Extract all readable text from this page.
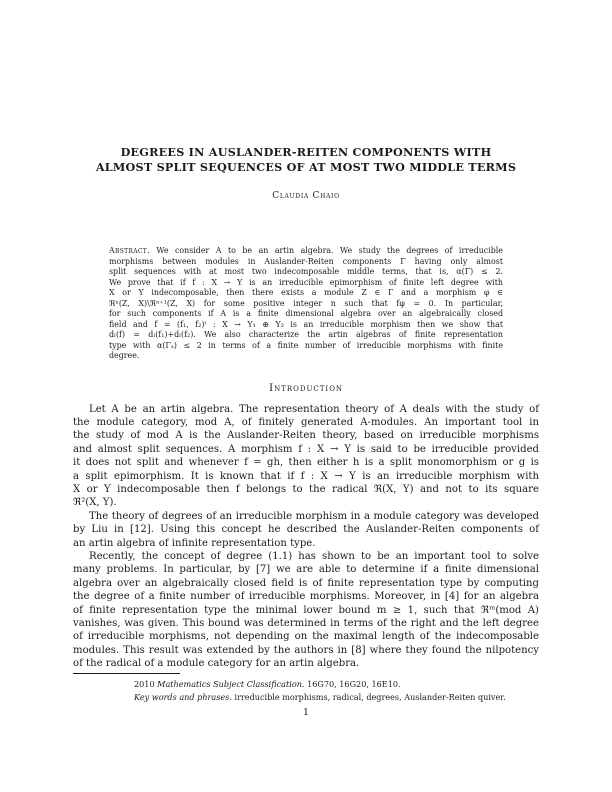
DEGREES IN AUSLANDER-REITEN COMPONENTS WITH
ALMOST SPLIT SEQUENCES OF AT MOST TWO MIDDLE TERMS
Claudia Chaio
Abstract. We consider A to be an artin algebra. We study the degrees of irreducible
morphisms between modules in Auslander-Reiten components Γ having only almost
split sequences with at most two indecomposable middle terms, that is, α(Γ) ≤ 2.
We prove that if f : X → Y is an irreducible epimorphism of finite left degree with
X or Y indecomposable, then there exists a module Z ∈ Γ and a morphism φ ∈
ℜⁿ(Z, X)\ℜⁿ⁺¹(Z, X) for some positive integer n such that fφ = 0. In particular,
for such components if A is a finite dimensional algebra over an algebraically closed
field and f = (f₁, f₂)ᵗ : X → Y₁ ⊕ Y₂ is an irreducible morphism then we show that
dₗ(f) = dₗ(f₁)+dₗ(f₂). We also characterize the artin algebras of finite representation
type with α(Γₐ) ≤ 2 in terms of a finite number of irreducible morphisms with finite
degree.
Introduction
Let A be an artin algebra. The representation theory of A deals with the study of
the module category, mod A, of finitely generated A-modules. An important tool in
the study of mod A is the Auslander-Reiten theory, based on irreducible morphisms
and almost split sequences. A morphism f : X → Y is said to be irreducible provided
it does not split and whenever f = gh, then either h is a split monomorphism or g is
a split epimorphism. It is known that if f : X → Y is an irreducible morphism with
X or Y indecomposable then f belongs to the radical ℜ(X, Y) and not to its square
ℜ²(X, Y).
The theory of degrees of an irreducible morphism in a module category was developed
by Liu in [12]. Using this concept he described the Auslander-Reiten components of
an artin algebra of infinite representation type.
Recently, the concept of degree (1.1) has shown to be an important tool to solve
many problems. In particular, by [7] we are able to determine if a finite dimensional
algebra over an algebraically closed field is of finite representation type by computing
the degree of a finite number of irreducible morphisms. Moreover, in [4] for an algebra
of finite representation type the minimal lower bound m ≥ 1, such that ℜᵐ(mod A)
vanishes, was given. This bound was determined in terms of the right and the left degree
of irreducible morphisms, not depending on the maximal length of the indecomposable
modules. This result was extended by the authors in [8] where they found the nilpotency
of the radical of a module category for an artin algebra.
2010 Mathematics Subject Classification. 16G70, 16G20, 16E10.
Key words and phrases. irreducible morphisms, radical, degrees, Auslander-Reiten quiver.
1
